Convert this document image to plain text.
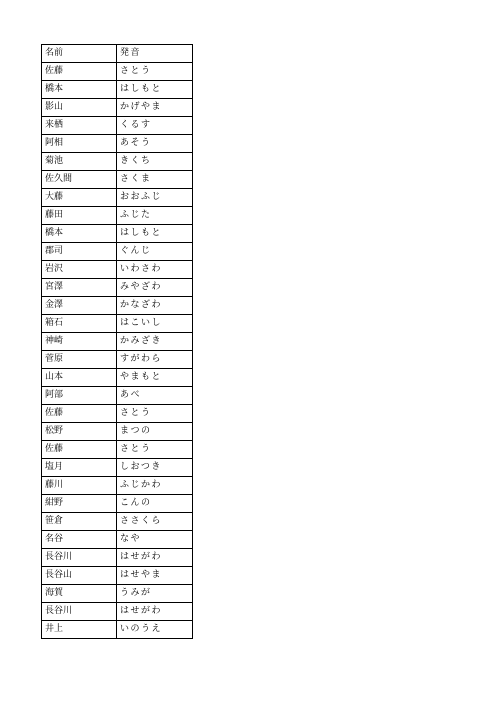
名前	発音
佐藤	さとう
橋本	はしもと
影山	かげやま
来栖	くるす
阿相	あそう
菊池	きくち
佐久間	さくま
大藤	おおふじ
藤田	ふじた
橋本	はしもと
郡司	ぐんじ
岩沢	いわさわ
宮澤	みやざわ
金澤	かなざわ
箱石	はこいし
神崎	かみざき
菅原	すがわら
山本	やまもと
阿部	あべ
佐藤	さとう
松野	まつの
佐藤	さとう
塩月	しおつき
藤川	ふじかわ
紺野	こんの
笹倉	ささくら
名谷	なや
長谷川	はせがわ
長谷山	はせやま
海賀	うみが
長谷川	はせがわ
井上	いのうえ
